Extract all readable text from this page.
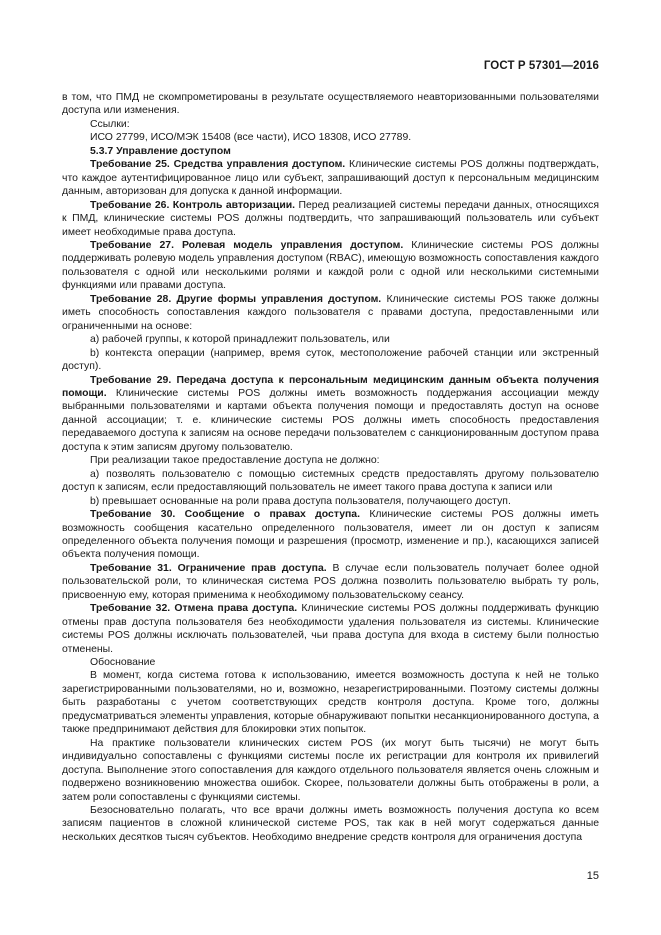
ГОСТ Р 57301—2016

в том, что ПМД не скомпрометированы в результате осуществляемого неавторизованными пользователями доступа или изменения.

Ссылки:

ИСО 27799, ИСО/МЭК 15408 (все части), ИСО 18308, ИСО 27789.

5.3.7 Управление доступом

Требование 25. Средства управления доступом. Клинические системы POS должны подтверждать, что каждое аутентифицированное лицо или субъект, запрашивающий доступ к персональным медицинским данным, авторизован для допуска к данной информации.

Требование 26. Контроль авторизации. Перед реализацией системы передачи данных, относящихся к ПМД, клинические системы POS должны подтвердить, что запрашивающий пользователь или субъект имеет необходимые права доступа.

Требование 27. Ролевая модель управления доступом. Клинические системы POS должны поддерживать ролевую модель управления доступом (RBAC), имеющую возможность сопоставления каждого пользователя с одной или несколькими ролями и каждой роли с одной или несколькими системными функциями или правами доступа.

Требование 28. Другие формы управления доступом. Клинические системы POS также должны иметь способность сопоставления каждого пользователя с правами доступа, предоставленными или ограниченными на основе:

а) рабочей группы, к которой принадлежит пользователь, или

b) контекста операции (например, время суток, местоположение рабочей станции или экстренный доступ).

Требование 29. Передача доступа к персональным медицинским данным объекта получения помощи. Клинические системы POS должны иметь возможность поддержания ассоциации между выбранными пользователями и картами объекта получения помощи и предоставлять доступ на основе данной ассоциации; т. е. клинические системы POS должны иметь способность предоставления передаваемого доступа к записям на основе передачи пользователем с санкционированным доступом права доступа к этим записям другому пользователю.

При реализации такое предоставление доступа не должно:

а) позволять пользователю с помощью системных средств предоставлять другому пользователю доступ к записям, если предоставляющий пользователь не имеет такого права доступа к записи или

b) превышает основанные на роли права доступа пользователя, получающего доступ.

Требование 30. Сообщение о правах доступа. Клинические системы POS должны иметь возможность сообщения касательно определенного пользователя, имеет ли он доступ к записям определенного объекта получения помощи и разрешения (просмотр, изменение и пр.), касающихся записей объекта получения помощи.

Требование 31. Ограничение прав доступа. В случае если пользователь получает более одной пользовательской роли, то клиническая система POS должна позволить пользователю выбрать ту роль, присвоенную ему, которая применима к необходимому пользовательскому сеансу.

Требование 32. Отмена права доступа. Клинические системы POS должны поддерживать функцию отмены прав доступа пользователя без необходимости удаления пользователя из системы. Клинические системы POS должны исключать пользователей, чьи права доступа для входа в систему были полностью отменены.

Обоснование

В момент, когда система готова к использованию, имеется возможность доступа к ней не только зарегистрированными пользователями, но и, возможно, незарегистрированными. Поэтому системы должны быть разработаны с учетом соответствующих средств контроля доступа. Кроме того, должны предусматриваться элементы управления, которые обнаруживают попытки несанкционированного доступа, а также предпринимают действия для блокировки этих попыток.

На практике пользователи клинических систем POS (их могут быть тысячи) не могут быть индивидуально сопоставлены с функциями системы после их регистрации для контроля их привилегий доступа. Выполнение этого сопоставления для каждого отдельного пользователя является очень сложным и подвержено возникновению множества ошибок. Скорее, пользователи должны быть отображены в роли, а затем роли сопоставлены с функциями системы.

Безосновательно полагать, что все врачи должны иметь возможность получения доступа ко всем записям пациентов в сложной клинической системе POS, так как в ней могут содержаться данные нескольких десятков тысяч субъектов. Необходимо внедрение средств контроля для ограничения доступа

15
